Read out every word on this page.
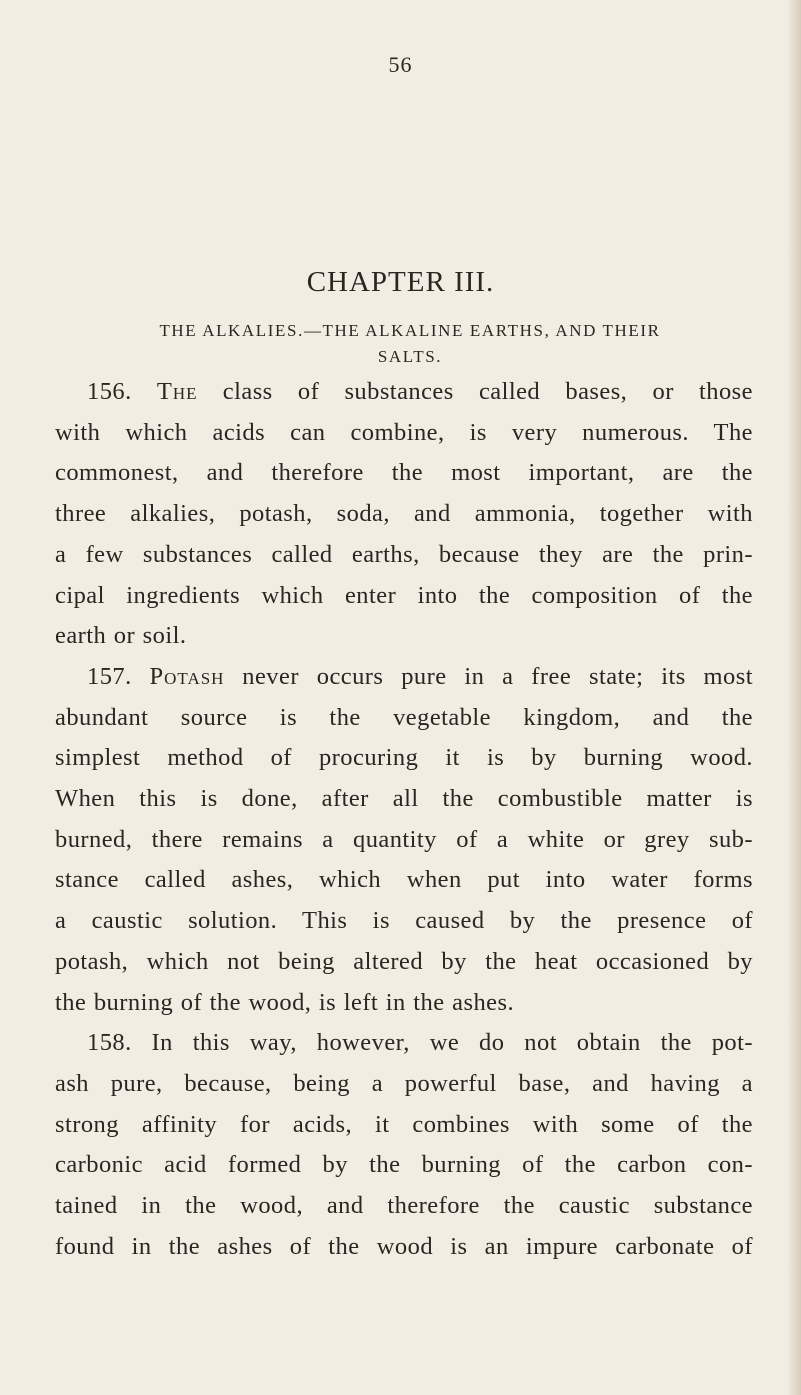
56
CHAPTER III.
THE ALKALIES.—THE ALKALINE EARTHS, AND THEIR
SALTS.
156. The class of substances called bases, or those
with which acids can combine, is very numerous. The
commonest, and therefore the most important, are the
three alkalies, potash, soda, and ammonia, together with
a few substances called earths, because they are the prin-
cipal ingredients which enter into the composition of the
earth or soil.
157. Potash never occurs pure in a free state; its most
abundant source is the vegetable kingdom, and the
simplest method of procuring it is by burning wood.
When this is done, after all the combustible matter is
burned, there remains a quantity of a white or grey sub-
stance called ashes, which when put into water forms
a caustic solution. This is caused by the presence of
potash, which not being altered by the heat occasioned by
the burning of the wood, is left in the ashes.
158. In this way, however, we do not obtain the pot-
ash pure, because, being a powerful base, and having a
strong affinity for acids, it combines with some of the
carbonic acid formed by the burning of the carbon con-
tained in the wood, and therefore the caustic substance
found in the ashes of the wood is an impure carbonate of
